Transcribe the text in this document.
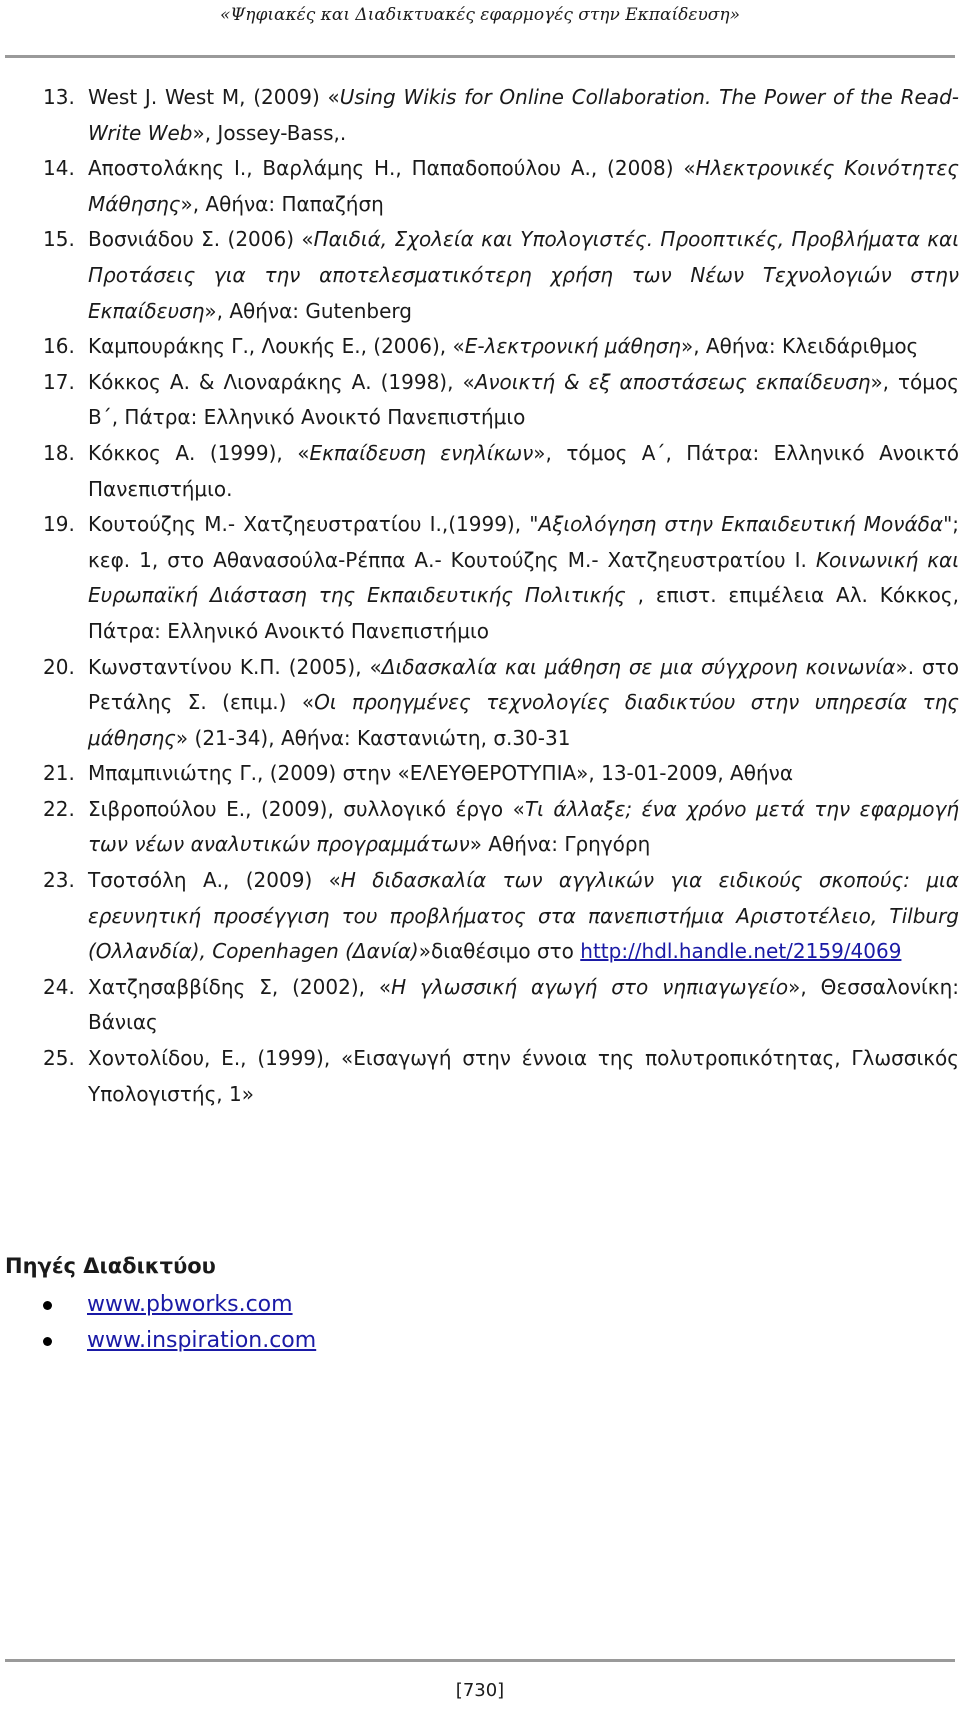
«Ψηφιακές και Διαδικτυακές εφαρμογές στην Εκπαίδευση»
13. West J. West M, (2009) «Using Wikis for Online Collaboration. The Power of the Read-Write Web», Jossey-Bass,.
14. Αποστολάκης Ι., Βαρλάμης Η., Παπαδοπούλου Α., (2008) «Ηλεκτρονικές Κοινότητες Μάθησης», Αθήνα: Παπαζήση
15. Βοσνιάδου Σ. (2006) «Παιδιά, Σχολεία και Υπολογιστές. Προοπτικές, Προβλήματα και Προτάσεις για την αποτελεσματικότερη χρήση των Νέων Τεχνολογιών στην Εκπαίδευση», Αθήνα: Gutenberg
16. Καμπουράκης Γ., Λουκής Ε., (2006), «Ε-λεκτρονική μάθηση», Αθήνα: Κλειδάριθμος
17. Κόκκος Α. & Λιοναράκης Α. (1998), «Ανοικτή & εξ αποστάσεως εκπαίδευση», τόμος Β΄, Πάτρα: Ελληνικό Ανοικτό Πανεπιστήμιο
18. Κόκκος Α. (1999), «Εκπαίδευση ενηλίκων», τόμος Α΄, Πάτρα: Ελληνικό Ανοικτό Πανεπιστήμιο.
19. Κουτούζης Μ.- Χατζηευστρατίου Ι.,(1999), "Αξιολόγηση στην Εκπαιδευτική Μονάδα"; κεφ. 1, στο Αθανασούλα-Ρέππα Α.- Κουτούζης Μ.- Χατζηευστρατίου Ι. Κοινωνική και Ευρωπαϊκή Διάσταση της Εκπαιδευτικής Πολιτικής , επιστ. επιμέλεια Αλ. Κόκκος, Πάτρα: Ελληνικό Ανοικτό Πανεπιστήμιο
20. Κωνσταντίνου Κ.Π. (2005), «Διδασκαλία και μάθηση σε μια σύγχρονη κοινωνία». στο Ρετάλης Σ. (επιμ.) «Οι προηγμένες τεχνολογίες διαδικτύου στην υπηρεσία της μάθησης» (21-34), Αθήνα: Καστανιώτη, σ.30-31
21. Μπαμπινιώτης Γ., (2009) στην «ΕΛΕΥΘΕΡΟΤΥΠΙΑ», 13-01-2009, Αθήνα
22. Σιβροπούλου Ε., (2009), συλλογικό έργο «Τι άλλαξε; ένα χρόνο μετά την εφαρμογή των νέων αναλυτικών προγραμμάτων» Αθήνα: Γρηγόρη
23. Τσοτσόλη Α., (2009) «Η διδασκαλία των αγγλικών για ειδικούς σκοπούς: μια ερευνητική προσέγγιση του προβλήματος στα πανεπιστήμια Αριστοτέλειο, Tilburg (Ολλανδία), Copenhagen (Δανία)»διαθέσιμο στο http://hdl.handle.net/2159/4069
24. Χατζησαββίδης Σ, (2002), «Η γλωσσική αγωγή στο νηπιαγωγείο», Θεσσαλονίκη: Βάνιας
25. Χοντολίδου, Ε., (1999), «Εισαγωγή στην έννοια της πολυτροπικότητας, Γλωσσικός Υπολογιστής, 1»
Πηγές Διαδικτύου
www.pbworks.com
www.inspiration.com
[730]
